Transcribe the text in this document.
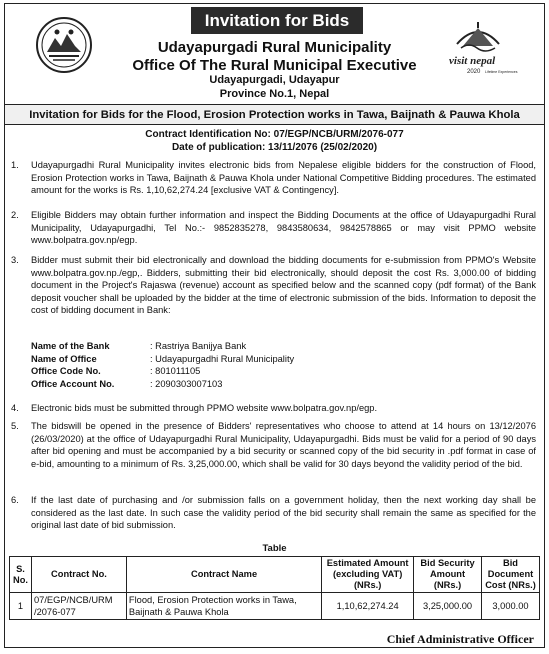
Invitation for Bids
visit nepal
2020 Lifetime Experiences
Udayapurgadi Rural Municipality
Office Of The Rural Municipal Executive
Udayapurgadi, Udayapur
Province No.1, Nepal
Invitation for Bids for the Flood, Erosion Protection works in Tawa, Baijnath & Pauwa Khola
Contract Identification No: 07/EGP/NCB/URM/2076-077
Date of publication: 13/11/2076 (25/02/2020)
1. Udayapurgadhi Rural Municipality invites electronic bids from Nepalese eligible bidders for the construction of Flood, Erosion Protection works in Tawa, Baijnath & Pauwa Khola under National Competitive Bidding procedures. The estimated amount for the works is Rs. 1,10,62,274.24 [exclusive VAT & Contingency].
2. Eligible Bidders may obtain further information and inspect the Bidding Documents at the office of Udayapurgadhi Rural Municipality, Udayapurgadhi, Tel No.:- 9852835278, 9843580634, 9842578865 or may visit PPMO website www.bolpatra.gov.np/egp.
3. Bidder must submit their bid electronically and download the bidding documents for e-submission from PPMO's Website www.bolpatra.gov.np./egp,. Bidders, submitting their bid electronically, should deposit the cost Rs. 3,000.00 of bidding document in the Project's Rajaswa (revenue) account as specified below and the scanned copy (pdf format) of the Bank deposit voucher shall be uploaded by the bidder at the time of electronic submission of the bids. Information to deposit the cost of bidding document in Bank:
Name of the Bank	: Rastriya Banijya Bank
Name of Office	: Udayapurgadhi Rural Municipality
Office Code No.	: 801011105
Office Account No.	: 2090303007103
4. Electronic bids must be submitted through PPMO website www.bolpatra.gov.np/egp.
5. The bidswill be opened in the presence of Bidders' representatives who choose to attend at 14 hours on 13/12/2076 (26/03/2020) at the office of Udayapurgadhi Rural Municipality, Udayapurgadhi. Bids must be valid for a period of 90 days after bid opening and must be accompanied by a bid security or scanned copy of the bid security in .pdf format in case of e-bid, amounting to a minimum of Rs. 3,25,000.00, which shall be valid for 30 days beyond the validity period of the bid.
6. If the last date of purchasing and /or submission falls on a government holiday, then the next working day shall be considered as the last date. In such case the validity period of the bid security shall remain the same as specified for the original last date of bid submission.
Table
S. No.	Contract No.	Contract Name	Estimated Amount (excluding VAT) (NRs.)	Bid Security Amount (NRs.)	Bid Document Cost (NRs.)
1	07/EGP/NCB/URM /2076-077	Flood, Erosion Protection works in Tawa, Baijnath & Pauwa Khola	1,10,62,274.24	3,25,000.00	3,000.00
Chief Administrative Officer
